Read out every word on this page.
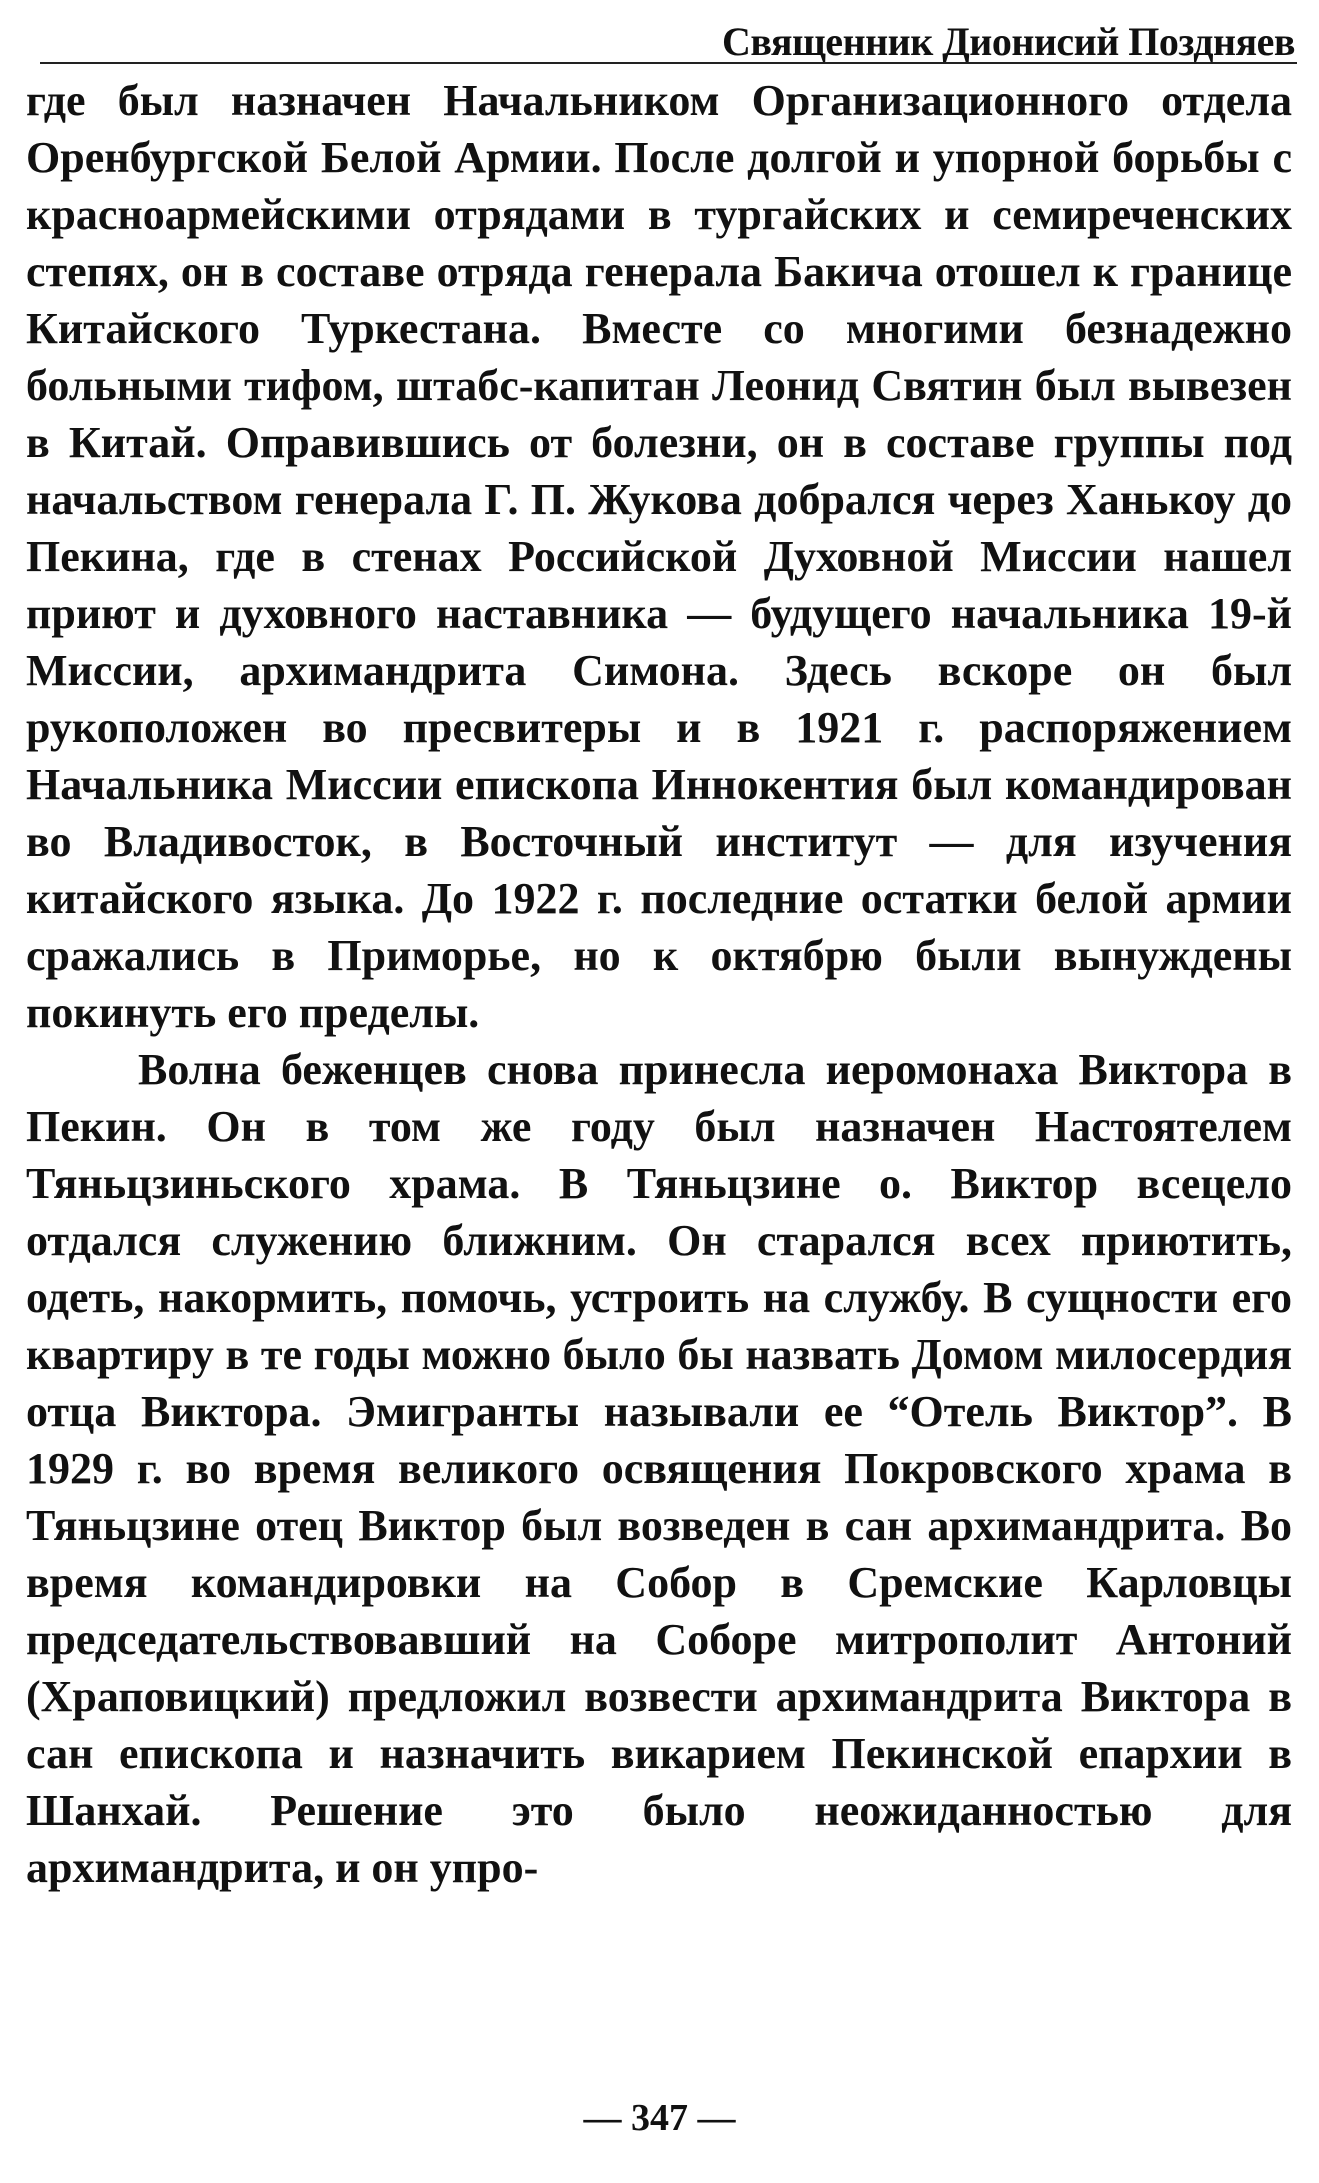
Священник Дионисий Поздняев

где был назначен Начальником Организационного отдела Оренбургской Белой Армии. После долгой и упорной борьбы с красноармейскими отрядами в тургайских и семиреченских степях, он в составе отряда генерала Бакича отошел к границе Китайского Туркестана. Вместе со многими безнадежно больными тифом, штабс-капитан Леонид Святин был вывезен в Китай. Оправившись от болезни, он в составе группы под начальством генерала Г. П. Жукова добрался через Ханькоу до Пекина, где в стенах Российской Духовной Миссии нашел приют и духовного наставника — будущего начальника 19-й Миссии, архимандрита Симона. Здесь вскоре он был рукоположен во пресвитеры и в 1921 г. распоряжением Начальника Миссии епископа Иннокентия был командирован во Владивосток, в Восточный институт — для изучения китайского языка. До 1922 г. последние остатки белой армии сражались в Приморье, но к октябрю были вынуждены покинуть его пределы.

Волна беженцев снова принесла иеромонаха Виктора в Пекин. Он в том же году был назначен Настоятелем Тяньцзиньского храма. В Тяньцзине о. Виктор всецело отдался служению ближним. Он старался всех приютить, одеть, накормить, помочь, устроить на службу. В сущности его квартиру в те годы можно было бы назвать Домом милосердия отца Виктора. Эмигранты называли ее “Отель Виктор”. В 1929 г. во время великого освящения Покровского храма в Тяньцзине отец Виктор был возведен в сан архимандрита. Во время командировки на Собор в Сремские Карловцы председательствовавший на Соборе митрополит Антоний (Храповицкий) предложил возвести архимандрита Виктора в сан епископа и назначить викарием Пекинской епархии в Шанхай. Решение это было неожиданностью для архимандрита, и он упро-

— 347 —
